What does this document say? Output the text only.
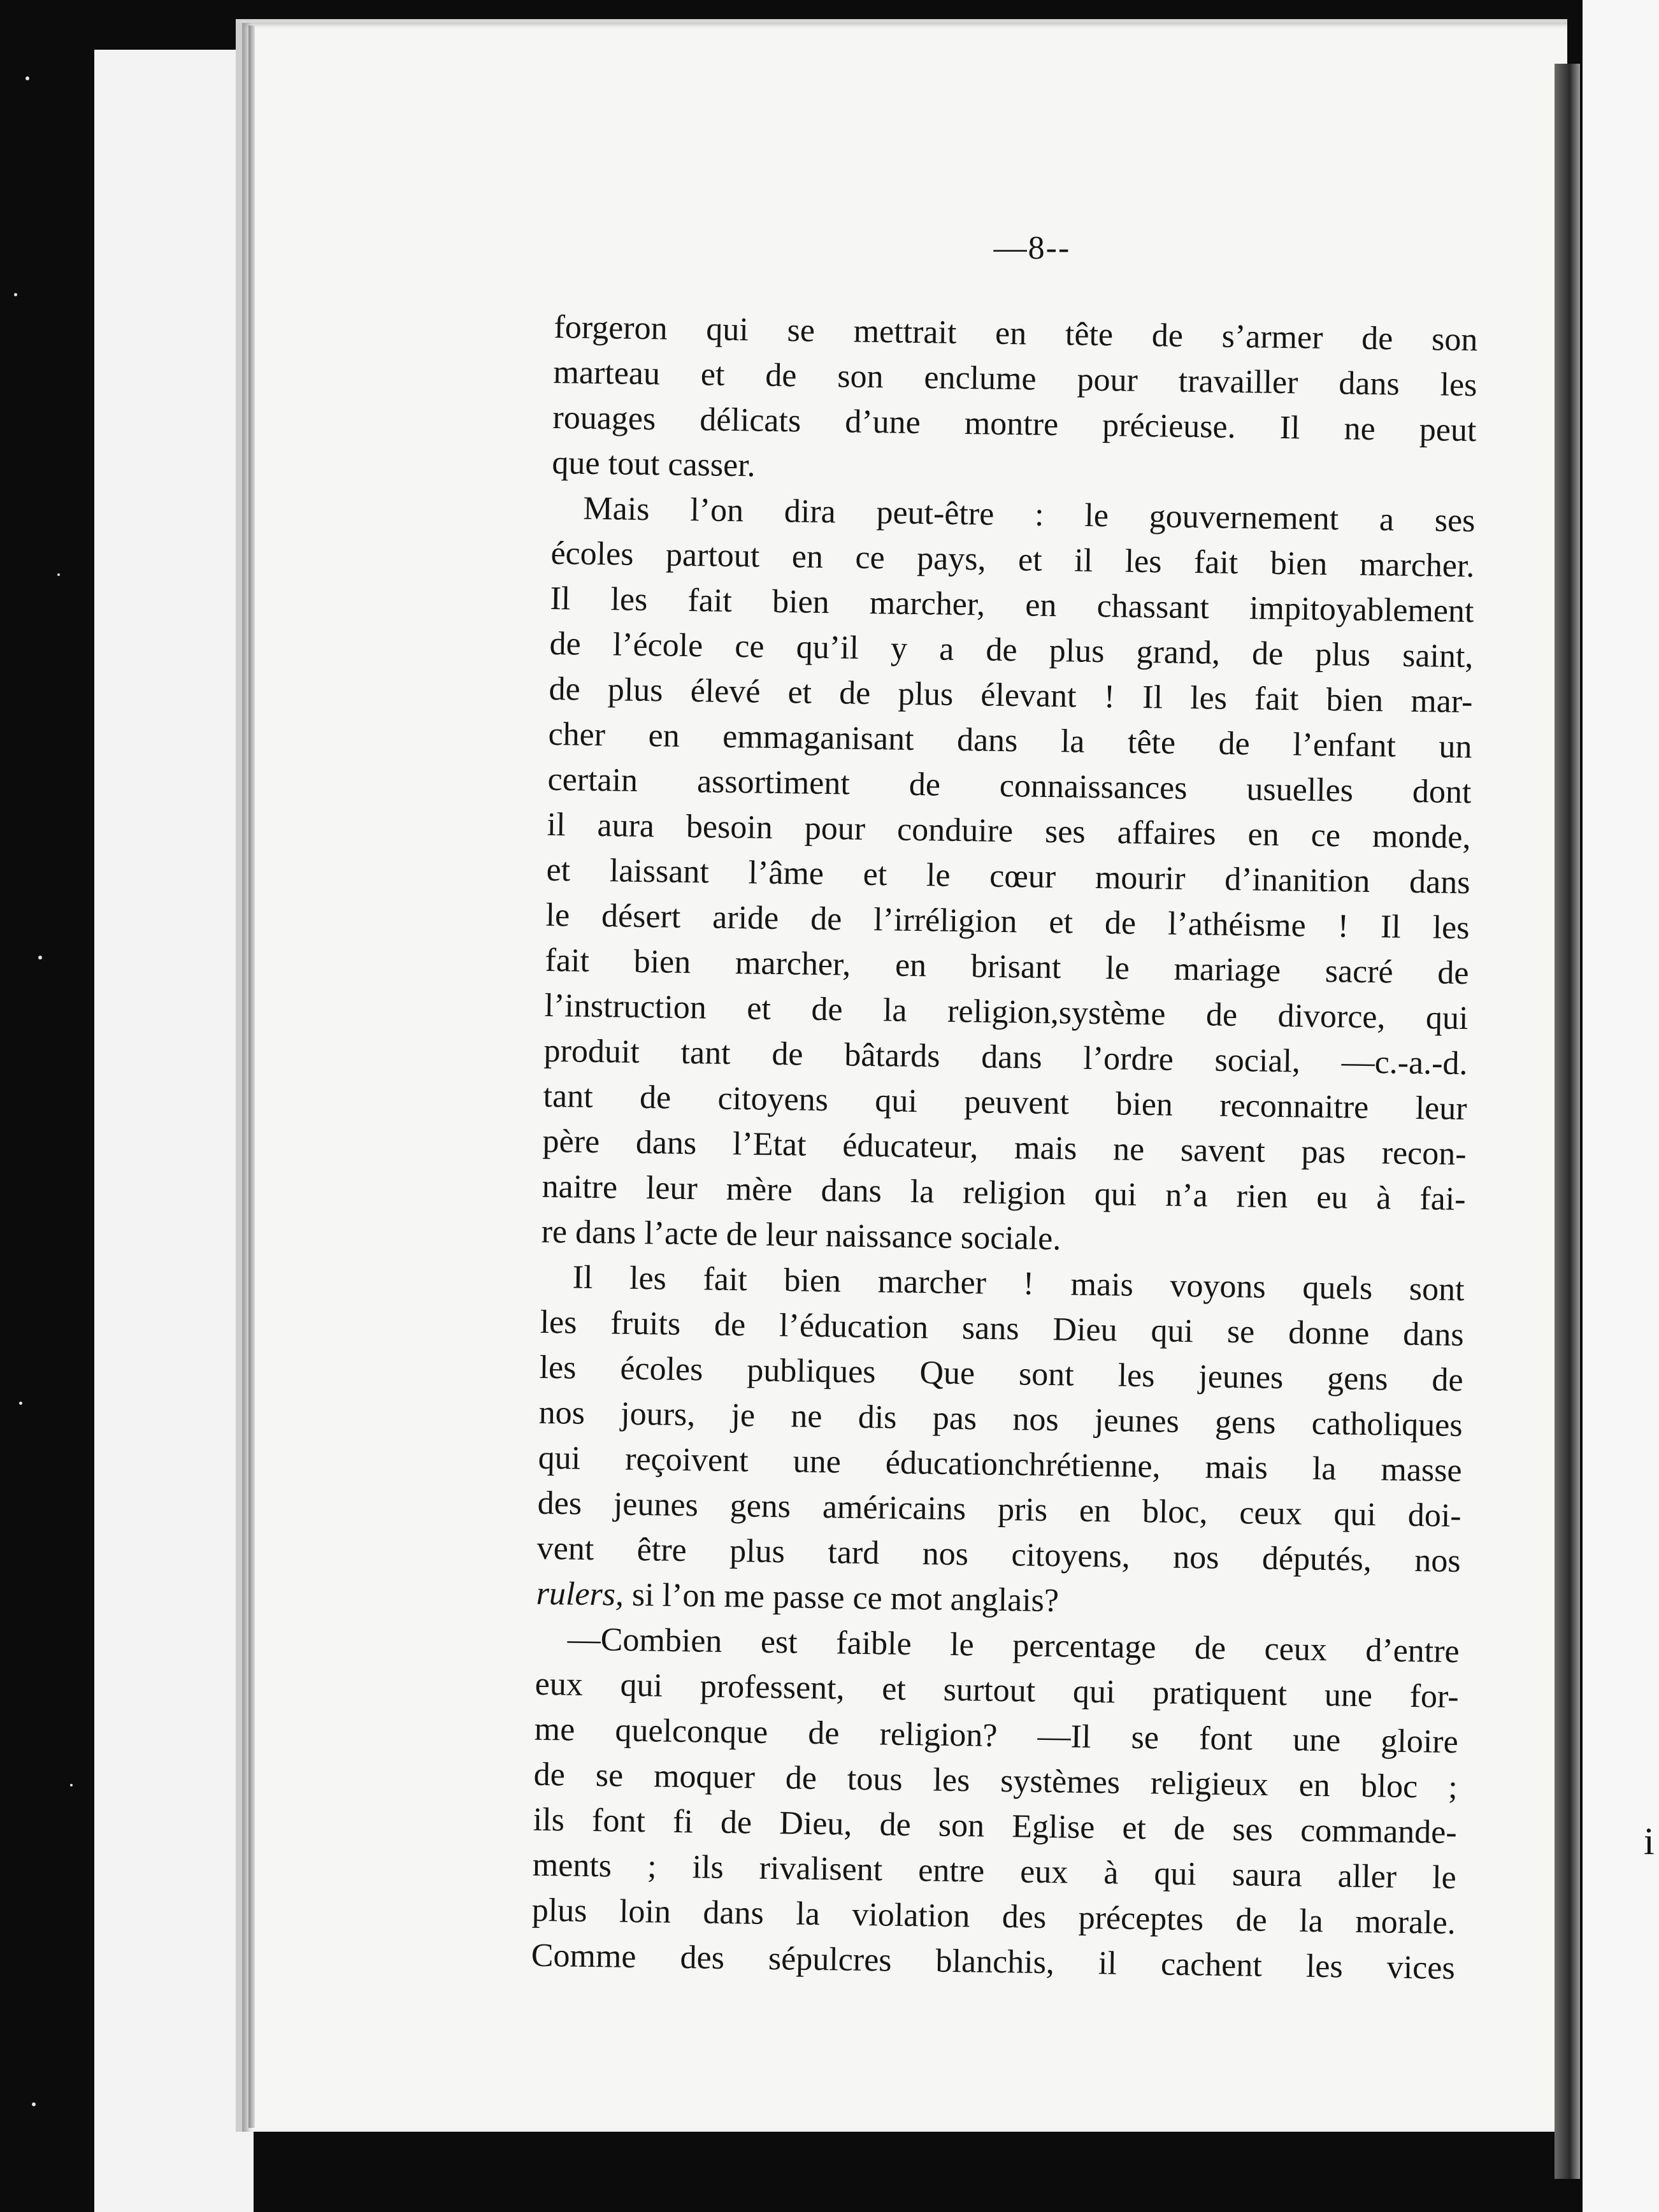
i
—8--
forgeron qui se mettrait en tête de s’armer de son
marteau et de son enclume pour travailler dans les
rouages délicats d’une montre précieuse. Il ne peut
que tout casser.
Mais l’on dira peut-être : le gouvernement a ses
écoles partout en ce pays, et il les fait bien marcher.
Il les fait bien marcher, en chassant impitoyablement
de l’école ce qu’il y a de plus grand, de plus saint,
de plus élevé et de plus élevant ! Il les fait bien mar-
cher en emmaganisant dans la tête de l’enfant un
certain assortiment de connaissances usuelles dont
il aura besoin pour conduire ses affaires en ce monde,
et laissant l’âme et le cœur mourir d’inanition dans
le désert aride de l’irréligion et de l’athéisme ! Il les
fait bien marcher, en brisant le mariage sacré de
l’instruction et de la religion,système de divorce, qui
produit tant de bâtards dans l’ordre social, —c.-a.-d.
tant de citoyens qui peuvent bien reconnaitre leur
père dans l’Etat éducateur, mais ne savent pas recon-
naitre leur mère dans la religion qui n’a rien eu à fai-
re dans l’acte de leur naissance sociale.
Il les fait bien marcher ! mais voyons quels sont
les fruits de l’éducation sans Dieu qui se donne dans
les écoles publiques Que sont les jeunes gens de
nos jours, je ne dis pas nos jeunes gens catholiques
qui reçoivent une éducationchrétienne, mais la masse
des jeunes gens américains pris en bloc, ceux qui doi-
vent être plus tard nos citoyens, nos députés, nos
rulers, si l’on me passe ce mot anglais?
—Combien est faible le percentage de ceux d’entre
eux qui professent, et surtout qui pratiquent une for-
me quelconque de religion? —Il se font une gloire
de se moquer de tous les systèmes religieux en bloc ;
ils font fi de Dieu, de son Eglise et de ses commande-
ments ; ils rivalisent entre eux à qui saura aller le
plus loin dans la violation des préceptes de la morale.
Comme des sépulcres blanchis, il cachent les vices
